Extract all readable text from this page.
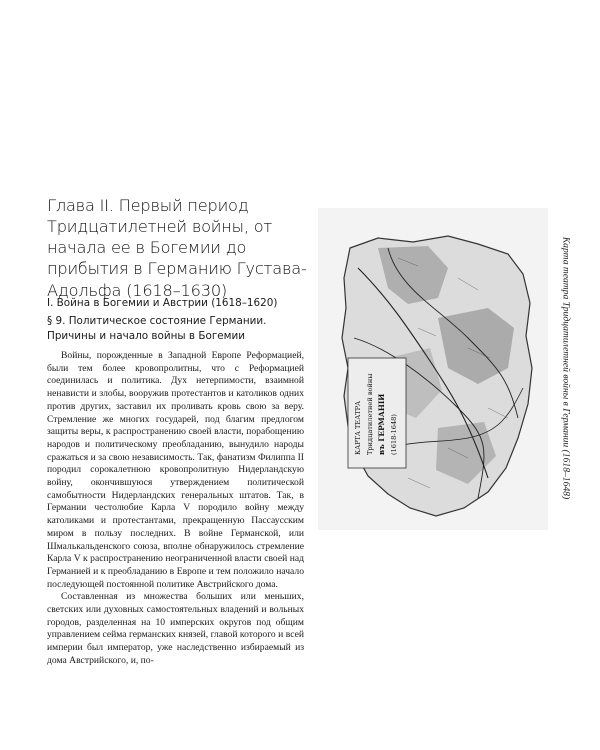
Глава II. Первый период Тридцатилетней войны, от начала ее в Богемии до прибытия в Германию Густава-Адольфа (1618–1630)
I. Война в Богемии и Австрии (1618–1620)
§ 9. Политическое состояние Германии. Причины и начало войны в Богемии

Войны, порожденные в Западной Европе Реформацией, были тем более кровопролитны, что с Реформацией соединилась и политика. Дух нетерпимости, взаимной ненависти и злобы, вооружив протестантов и католиков одних против других, заставил их проливать кровь свою за веру. Стремление же многих государей, под благим предлогом защиты веры, к распространению своей власти, порабощению народов и политическому преобладанию, вынудило народы сражаться и за свою независимость. Так, фанатизм Филиппа II породил сорокалетнюю кровопролитную Нидерландскую войну, окончившуюся утверждением политической самобытности Нидерландских генеральных штатов. Так, в Германии честолюбие Карла V породило войну между католиками и протестантами, прекращенную Пассаусским миром в пользу последних. В войне Германской, или Шмалькальденского союза, вполне обнаружилось стремление Карла V к распространению неограниченной власти своей над Германией и к преобладанию в Европе и тем положило начало последующей постоянной политике Австрийского дома.

Составленная из множества больших или меньших, светских или духовных самостоятельных владений и вольных городов, разделенная на 10 имперских округов под общим управлением сейма германских князей, главой которого и всей империи был император, уже наследственно избираемый из дома Австрийского, и, по-

КАРТА ТЕАТРА Тридцатилетней войны въ ГЕРМАНIИ (1618-1648)	Карта театра Тридцатилетней войны в Германии (1618–1648)
